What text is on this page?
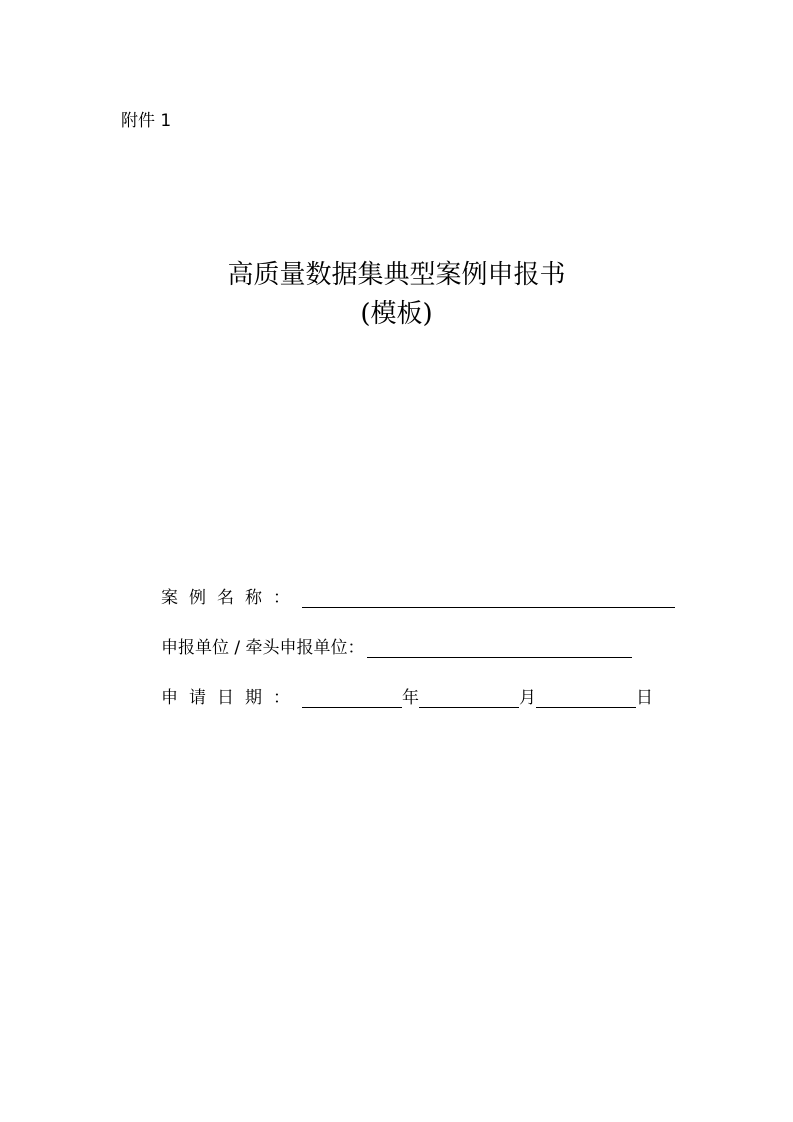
附件 1
高质量数据集典型案例申报书
(模板)
案例名称：
申报单位 / 牵头申报单位：
申请日期：	年	月	日
